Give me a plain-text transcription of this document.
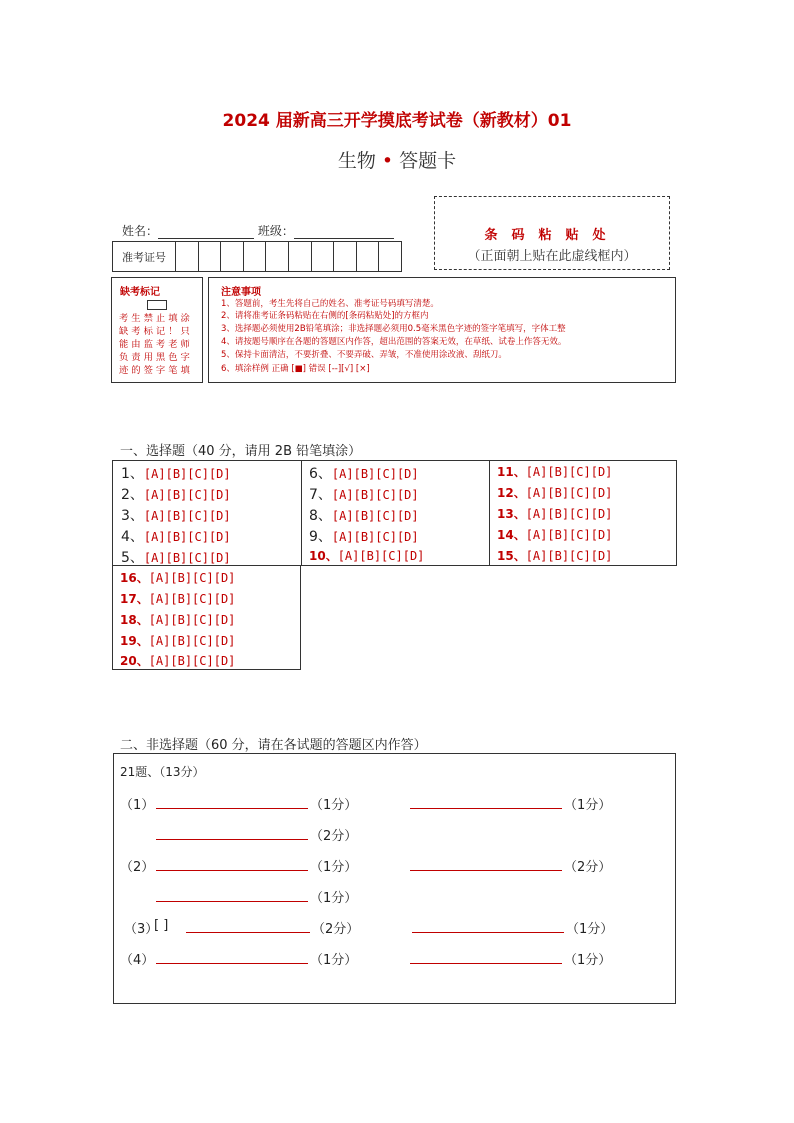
2024 届新高三开学摸底考试卷（新教材）01
生物 • 答题卡
条码粘贴处
（正面朝上贴在此虚线框内）
姓名：	班级：
准考证号
缺考标记
考生禁止填涂缺考标记！只能由监考老师负责用黑色字迹的签字笔填
注意事项
1、答题前，考生先将自己的姓名、准考证号码填写清楚。
2、请将准考证条码粘贴在右侧的[条码粘贴处]的方框内
3、选择题必须使用2B铅笔填涂；非选择题必须用0.5毫米黑色字迹的签字笔填写，字体工整
4、请按题号顺序在各题的答题区内作答，超出范围的答案无效，在草纸、试卷上作答无效。
5、保持卡面清洁，不要折叠、不要弄破、弄皱，不准使用涂改液、刮纸刀。
6、填涂样例 正确 [■] 错误 [--][√] [×]
一、选择题（40 分，请用 2B 铅笔填涂）
1、[A][B][C][D]
2、[A][B][C][D]
3、[A][B][C][D]
4、[A][B][C][D]
5、[A][B][C][D]
6、[A][B][C][D]
7、[A][B][C][D]
8、[A][B][C][D]
9、[A][B][C][D]
10、[A][B][C][D]
11、[A][B][C][D]
12、[A][B][C][D]
13、[A][B][C][D]
14、[A][B][C][D]
15、[A][B][C][D]
16、[A][B][C][D]
17、[A][B][C][D]
18、[A][B][C][D]
19、[A][B][C][D]
20、[A][B][C][D]
二、非选择题（60 分，请在各试题的答题区内作答）
21题、（13分）
（1）	（1分）	（1分）
（2分）
（2）	（1分）	（2分）
（1分）
（3）
[ ]	（2分）	（1分）
（4）	（1分）	（1分）
